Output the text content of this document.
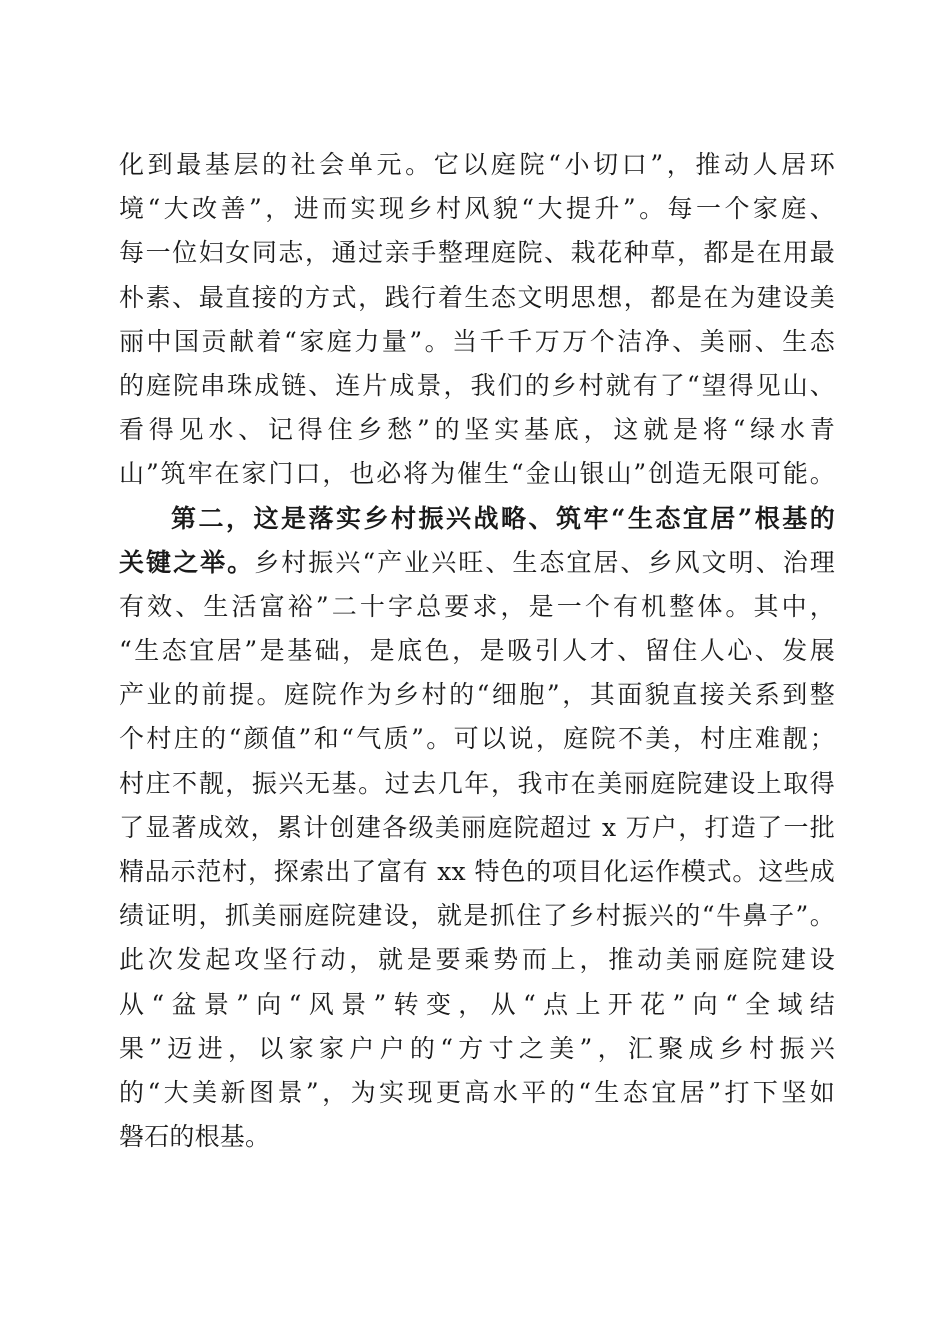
化到最基层的社会单元。它以庭院“小切口”，推动人居环
境“大改善”，进而实现乡村风貌“大提升”。每一个家庭、
每一位妇女同志，通过亲手整理庭院、栽花种草，都是在用最
朴素、最直接的方式，践行着生态文明思想，都是在为建设美
丽中国贡献着“家庭力量”。当千千万万个洁净、美丽、生态
的庭院串珠成链、连片成景，我们的乡村就有了“望得见山、
看得见水、记得住乡愁”的坚实基底，这就是将“绿水青
山”筑牢在家门口，也必将为催生“金山银山”创造无限可能。
第二，这是落实乡村振兴战略、筑牢“生态宜居”根基的
关键之举。乡村振兴“产业兴旺、生态宜居、乡风文明、治理
有效、生活富裕”二十字总要求，是一个有机整体。其中，
“生态宜居”是基础，是底色，是吸引人才、留住人心、发展
产业的前提。庭院作为乡村的“细胞”，其面貌直接关系到整
个村庄的“颜值”和“气质”。可以说，庭院不美，村庄难靓；
村庄不靓，振兴无基。过去几年，我市在美丽庭院建设上取得
了显著成效，累计创建各级美丽庭院超过 x 万户，打造了一批
精品示范村，探索出了富有 xx 特色的项目化运作模式。这些成
绩证明，抓美丽庭院建设，就是抓住了乡村振兴的“牛鼻子”。
此次发起攻坚行动，就是要乘势而上，推动美丽庭院建设
从“盆景”向“风景”转变，从“点上开花”向“全域结
果”迈进，以家家户户的“方寸之美”，汇聚成乡村振兴
的“大美新图景”，为实现更高水平的“生态宜居”打下坚如
磐石的根基。
